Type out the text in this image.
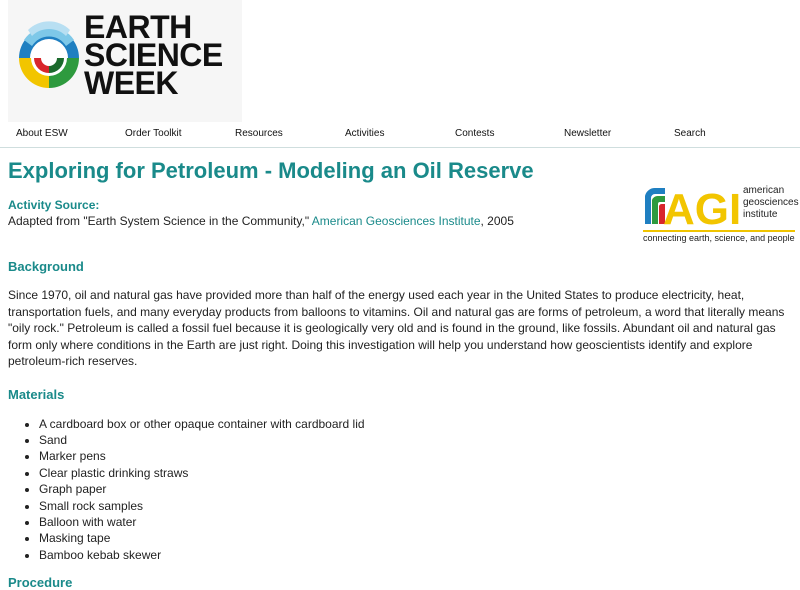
EARTH
SCIENCE
WEEK
About ESW	Order Toolkit	Resources	Activities	Contests	Newsletter	Search
Exploring for Petroleum - Modeling an Oil Reserve
Activity Source:
Adapted from "Earth System Science in the Community," American Geosciences Institute, 2005	AGI american
geosciences
institute
connecting earth, science, and people
Background
Since 1970, oil and natural gas have provided more than half of the energy used each year in the United States to produce electricity, heat, transportation fuels, and many everyday products from balloons to vitamins. Oil and natural gas are forms of petroleum, a word that literally means "oily rock." Petroleum is called a fossil fuel because it is geologically very old and is found in the ground, like fossils. Abundant oil and natural gas form only where conditions in the Earth are just right. Doing this investigation will help you understand how geoscientists identify and explore petroleum-rich reserves.
Materials
• A cardboard box or other opaque container with cardboard lid
• Sand
• Marker pens
• Clear plastic drinking straws
• Graph paper
• Small rock samples
• Balloon with water
• Masking tape
• Bamboo kebab skewer
Procedure
